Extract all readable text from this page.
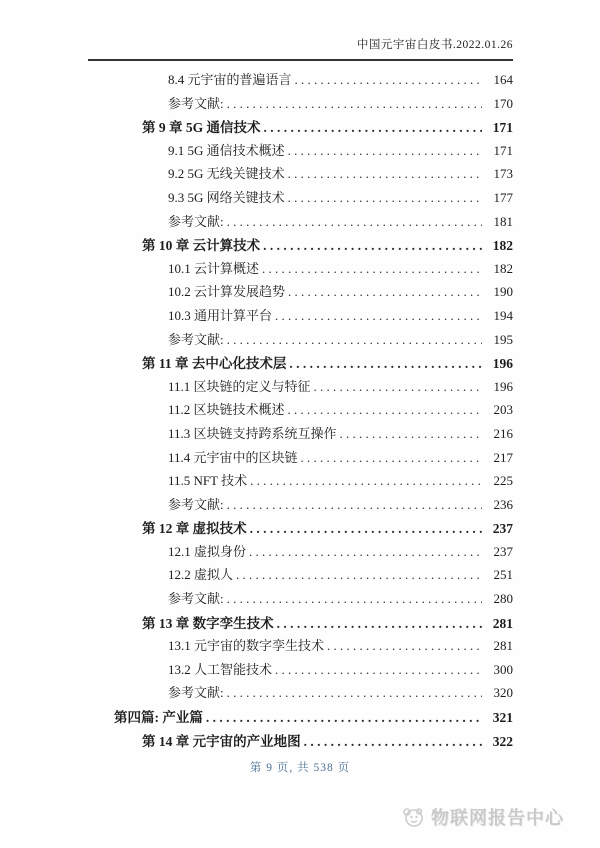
中国元宇宙白皮书.2022.01.26
8.4 元宇宙的普遍语言 . . .	164
参考文献: . . .	170
第 9 章 5G 通信技术 . . .	171
9.1 5G 通信技术概述 . . .	171
9.2 5G 无线关键技术 . . .	173
9.3 5G 网络关键技术 . . .	177
参考文献: . . .	181
第 10 章 云计算技术 . . .	182
10.1 云计算概述 . . .	182
10.2 云计算发展趋势 . . .	190
10.3 通用计算平台 . . .	194
参考文献: . . .	195
第 11 章 去中心化技术层 . . .	196
11.1 区块链的定义与特征 . . .	196
11.2 区块链技术概述 . . .	203
11.3 区块链支持跨系统互操作 . . .	216
11.4 元宇宙中的区块链 . . .	217
11.5 NFT 技术 . . .	225
参考文献: . . .	236
第 12 章 虚拟技术 . . .	237
12.1 虚拟身份 . . .	237
12.2 虚拟人 . . .	251
参考文献: . . .	280
第 13 章 数字孪生技术 . . .	281
13.1 元宇宙的数字孪生技术 . . .	281
13.2 人工智能技术 . . .	300
参考文献: . . .	320
第四篇: 产业篇 . . .	321
第 14 章 元宇宙的产业地图 . . .	322
第 9 页, 共 538 页
物联网报告中心
